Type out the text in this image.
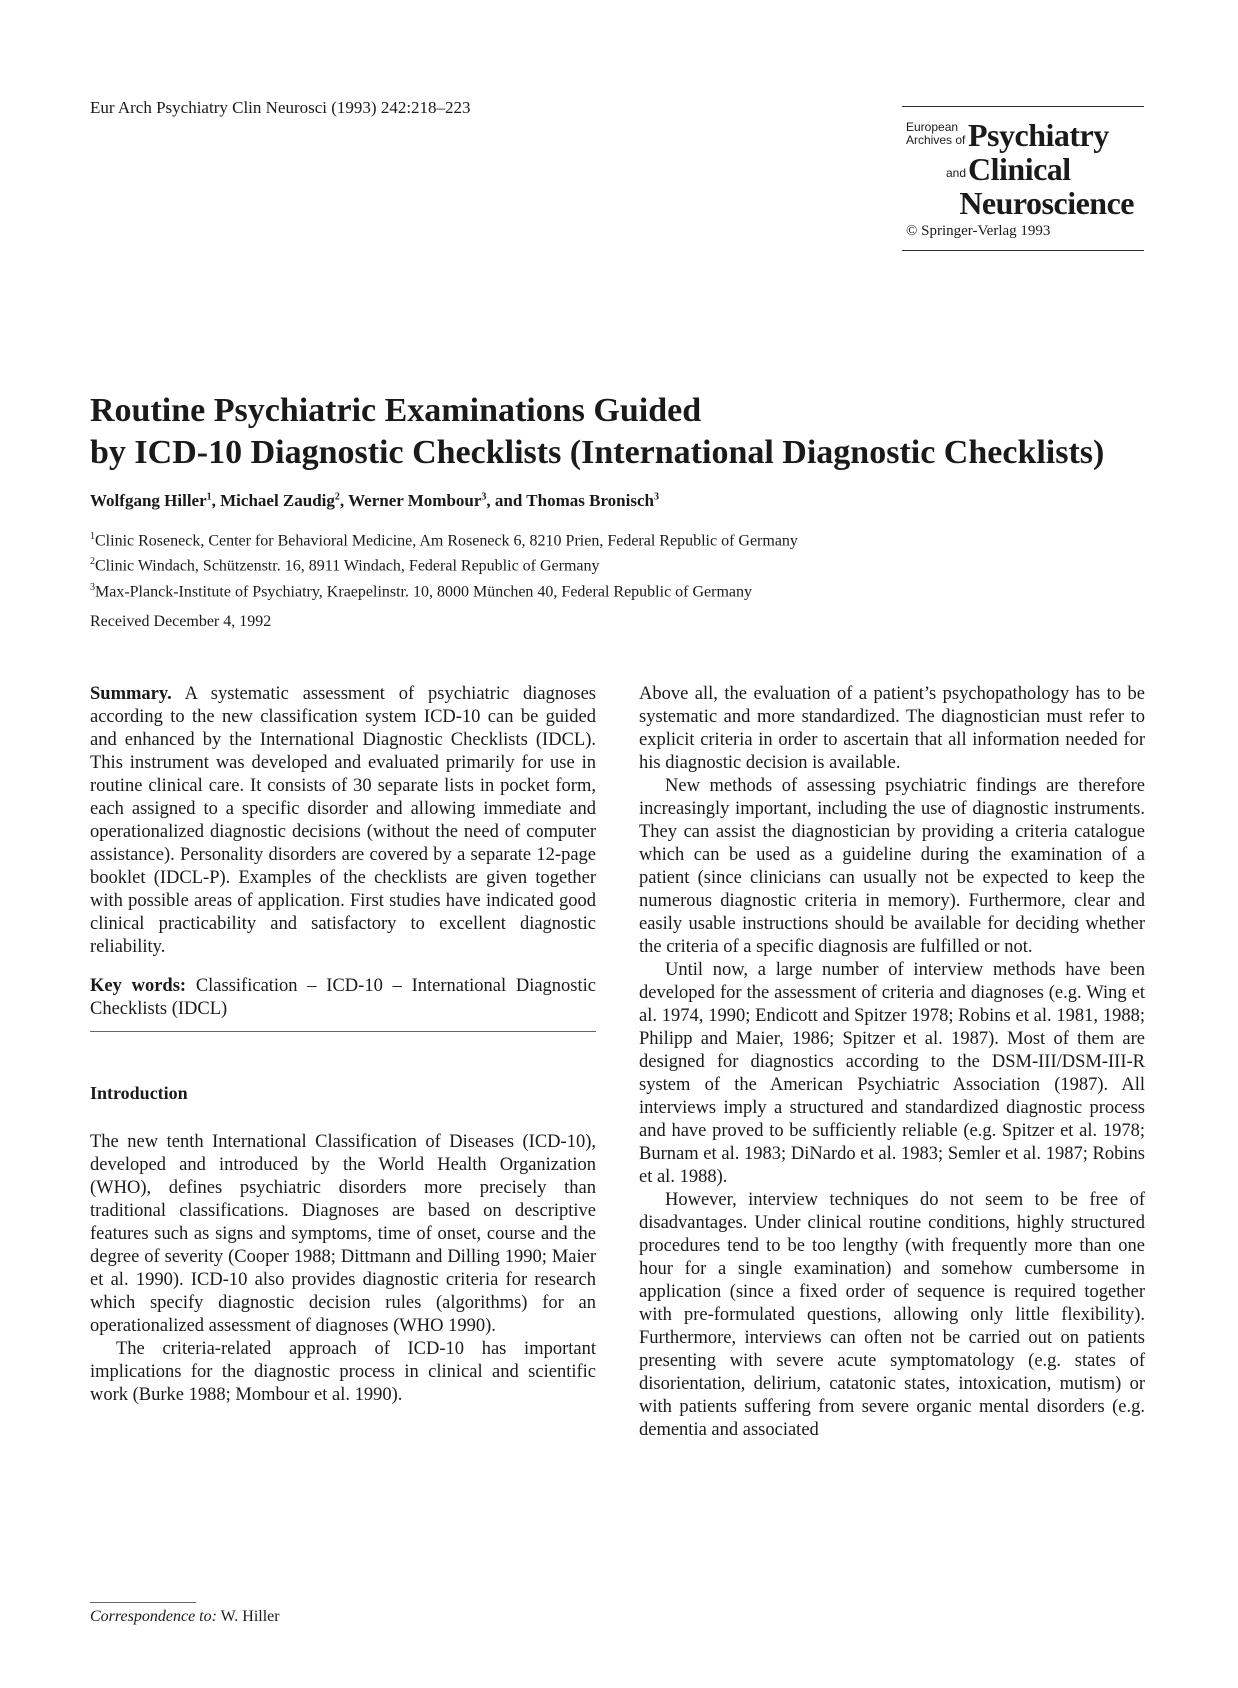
Eur Arch Psychiatry Clin Neurosci (1993) 242:218–223
European
Archives of Psychiatry
and Clinical
Neuroscience
© Springer-Verlag 1993
Routine Psychiatric Examinations Guided
by ICD-10 Diagnostic Checklists (International Diagnostic Checklists)
Wolfgang Hiller$^1$, Michael Zaudig$^2$, Werner Mombour$^3$, and Thomas Bronisch$^3$
$^1$Clinic Roseneck, Center for Behavioral Medicine, Am Roseneck 6, 8210 Prien, Federal Republic of Germany
$^2$Clinic Windach, Schützenstr. 16, 8911 Windach, Federal Republic of Germany
$^3$Max-Planck-Institute of Psychiatry, Kraepelinstr. 10, 8000 München 40, Federal Republic of Germany
Received December 4, 1992

Summary. A systematic assessment of psychiatric diagnoses according to the new classification system ICD-10 can be guided and enhanced by the International Diagnostic Checklists (IDCL). This instrument was developed and evaluated primarily for use in routine clinical care. It consists of 30 separate lists in pocket form, each assigned to a specific disorder and allowing immediate and operationalized diagnostic decisions (without the need of computer assistance). Personality disorders are covered by a separate 12-page booklet (IDCL-P). Examples of the checklists are given together with possible areas of application. First studies have indicated good clinical practicability and satisfactory to excellent diagnostic reliability.

Key words: Classification – ICD-10 – International Diagnostic Checklists (IDCL)

Introduction

The new tenth International Classification of Diseases (ICD-10), developed and introduced by the World Health Organization (WHO), defines psychiatric disorders more precisely than traditional classifications. Diagnoses are based on descriptive features such as signs and symptoms, time of onset, course and the degree of severity (Cooper 1988; Dittmann and Dilling 1990; Maier et al. 1990). ICD-10 also provides diagnostic criteria for research which specify diagnostic decision rules (algorithms) for an operationalized assessment of diagnoses (WHO 1990).

The criteria-related approach of ICD-10 has important implications for the diagnostic process in clinical and scientific work (Burke 1988; Mombour et al. 1990).

Above all, the evaluation of a patient’s psychopathology has to be systematic and more standardized. The diagnostician must refer to explicit criteria in order to ascertain that all information needed for his diagnostic decision is available.

New methods of assessing psychiatric findings are therefore increasingly important, including the use of diagnostic instruments. They can assist the diagnostician by providing a criteria catalogue which can be used as a guideline during the examination of a patient (since clinicians can usually not be expected to keep the numerous diagnostic criteria in memory). Furthermore, clear and easily usable instructions should be available for deciding whether the criteria of a specific diagnosis are fulfilled or not.

Until now, a large number of interview methods have been developed for the assessment of criteria and diagnoses (e.g. Wing et al. 1974, 1990; Endicott and Spitzer 1978; Robins et al. 1981, 1988; Philipp and Maier, 1986; Spitzer et al. 1987). Most of them are designed for diagnostics according to the DSM-III/DSM-III-R system of the American Psychiatric Association (1987). All interviews imply a structured and standardized diagnostic process and have proved to be sufficiently reliable (e.g. Spitzer et al. 1978; Burnam et al. 1983; DiNardo et al. 1983; Semler et al. 1987; Robins et al. 1988).

However, interview techniques do not seem to be free of disadvantages. Under clinical routine conditions, highly structured procedures tend to be too lengthy (with frequently more than one hour for a single examination) and somehow cumbersome in application (since a fixed order of sequence is required together with pre-formulated questions, allowing only little flexibility). Furthermore, interviews can often not be carried out on patients presenting with severe acute symptomatology (e.g. states of disorientation, delirium, catatonic states, intoxication, mutism) or with patients suffering from severe organic mental disorders (e.g. dementia and associated

Correspondence to: W. Hiller
